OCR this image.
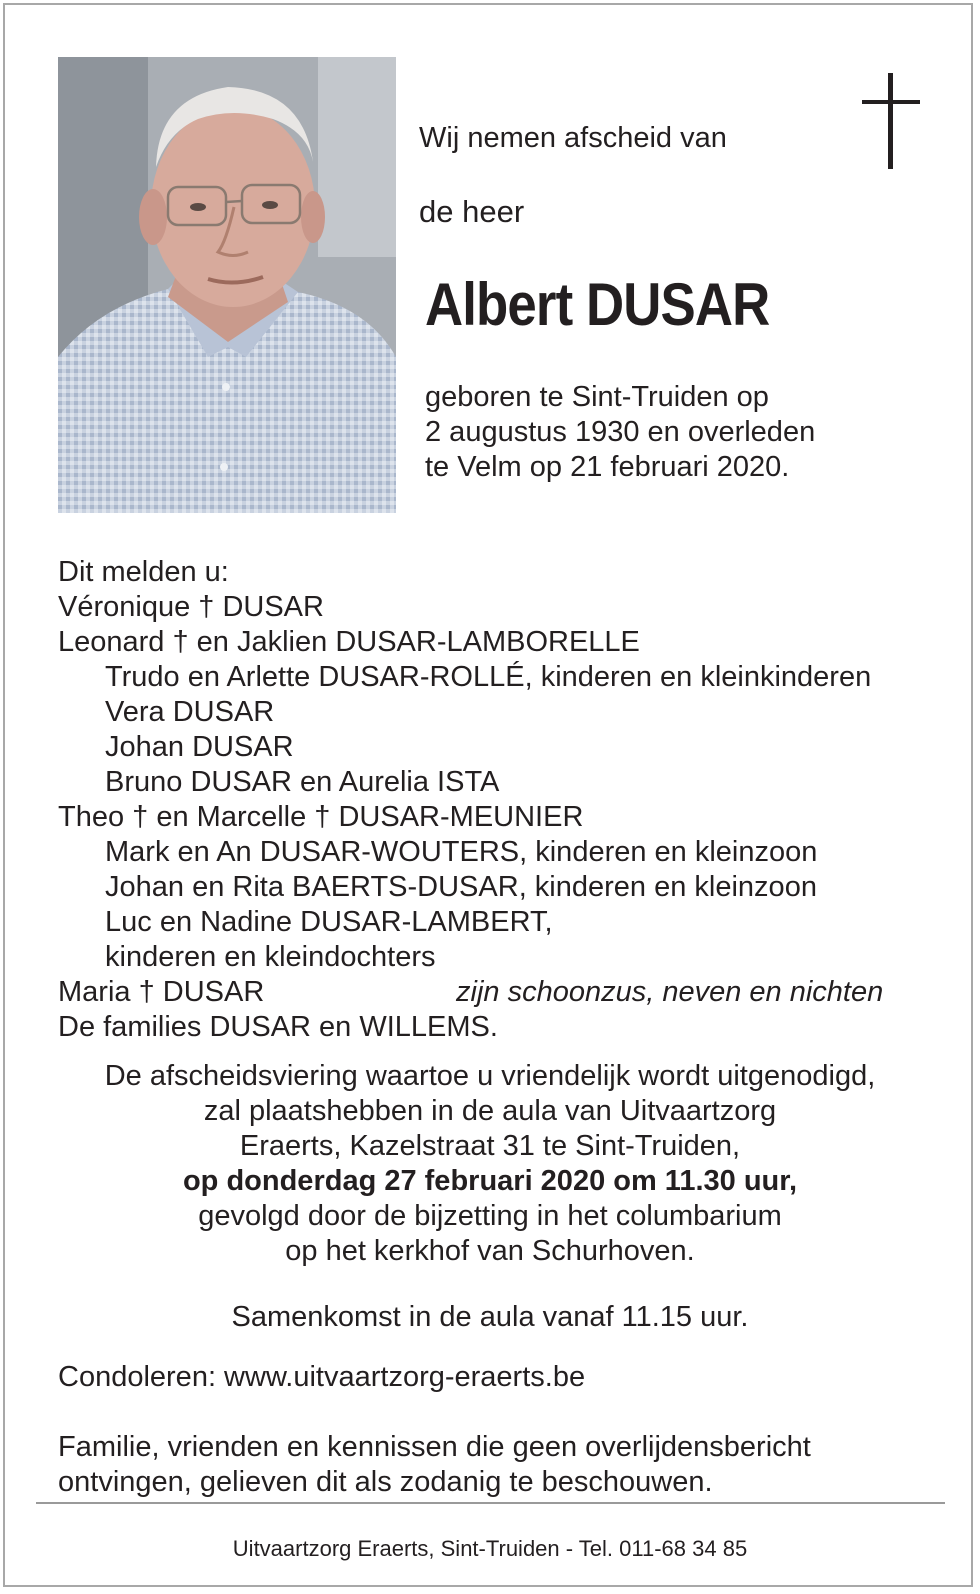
Wij nemen afscheid van
de heer
Albert DUSAR
geboren te Sint-Truiden op
2 augustus 1930 en overleden
te Velm op 21 februari 2020.
Dit melden u:
Véronique † DUSAR
Leonard † en Jaklien DUSAR-LAMBORELLE
Trudo en Arlette DUSAR-ROLLÉ, kinderen en kleinkinderen
Vera DUSAR
Johan DUSAR
Bruno DUSAR en Aurelia ISTA
Theo † en Marcelle † DUSAR-MEUNIER
Mark en An DUSAR-WOUTERS, kinderen en kleinzoon
Johan en Rita BAERTS-DUSAR, kinderen en kleinzoon
Luc en Nadine DUSAR-LAMBERT,
kinderen en kleindochters
Maria † DUSAR	zijn schoonzus, neven en nichten
De families DUSAR en WILLEMS.
De afscheidsviering waartoe u vriendelijk wordt uitgenodigd,
zal plaatshebben in de aula van Uitvaartzorg
Eraerts, Kazelstraat 31 te Sint-Truiden,
op donderdag 27 februari 2020 om 11.30 uur,
gevolgd door de bijzetting in het columbarium
op het kerkhof van Schurhoven.
Samenkomst in de aula vanaf 11.15 uur.
Condoleren: www.uitvaartzorg-eraerts.be
Familie, vrienden en kennissen die geen overlijdensbericht
ontvingen, gelieven dit als zodanig te beschouwen.
Uitvaartzorg Eraerts, Sint-Truiden - Tel. 011-68 34 85
